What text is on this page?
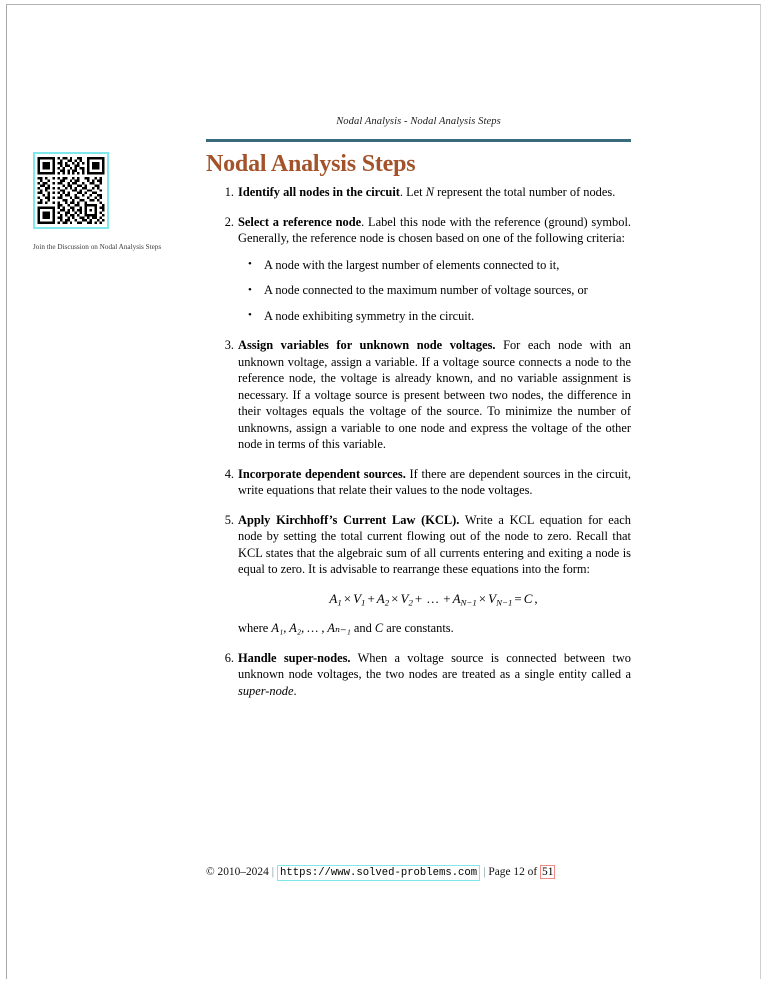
Join the Discussion on Nodal Analysis Steps
Nodal Analysis - Nodal Analysis Steps
Nodal Analysis Steps
Identify all nodes in the circuit. Let N represent the total number of nodes.
Select a reference node. Label this node with the reference (ground) symbol. Generally, the reference node is chosen based on one of the following criteria:
• A node with the largest number of elements connected to it,
• A node connected to the maximum number of voltage sources, or
• A node exhibiting symmetry in the circuit.
Assign variables for unknown node voltages. For each node with an unknown voltage, assign a variable. If a voltage source connects a node to the reference node, the voltage is already known, and no variable assignment is necessary. If a voltage source is present between two nodes, the difference in their voltages equals the voltage of the source. To minimize the number of unknowns, assign a variable to one node and express the voltage of the other node in terms of this variable.
Incorporate dependent sources. If there are dependent sources in the circuit, write equations that relate their values to the node voltages.
Apply Kirchhoff’s Current Law (KCL). Write a KCL equation for each node by setting the total current flowing out of the node to zero. Recall that KCL states that the algebraic sum of all currents entering and exiting a node is equal to zero. It is advisable to rearrange these equations into the form:
$A_1 \times V_1 + A_2 \times V_2$ + … + $A_{N-1} \times V_{N-1} = C$ ,
where A₁, A₂, … , Aₙ₋₁ and C are constants.
Handle super-nodes. When a voltage source is connected between two unknown node voltages, the two nodes are treated as a single entity called a super-node.
© 2010–2024 | https://www.solved-problems.com | Page 12 of 51
